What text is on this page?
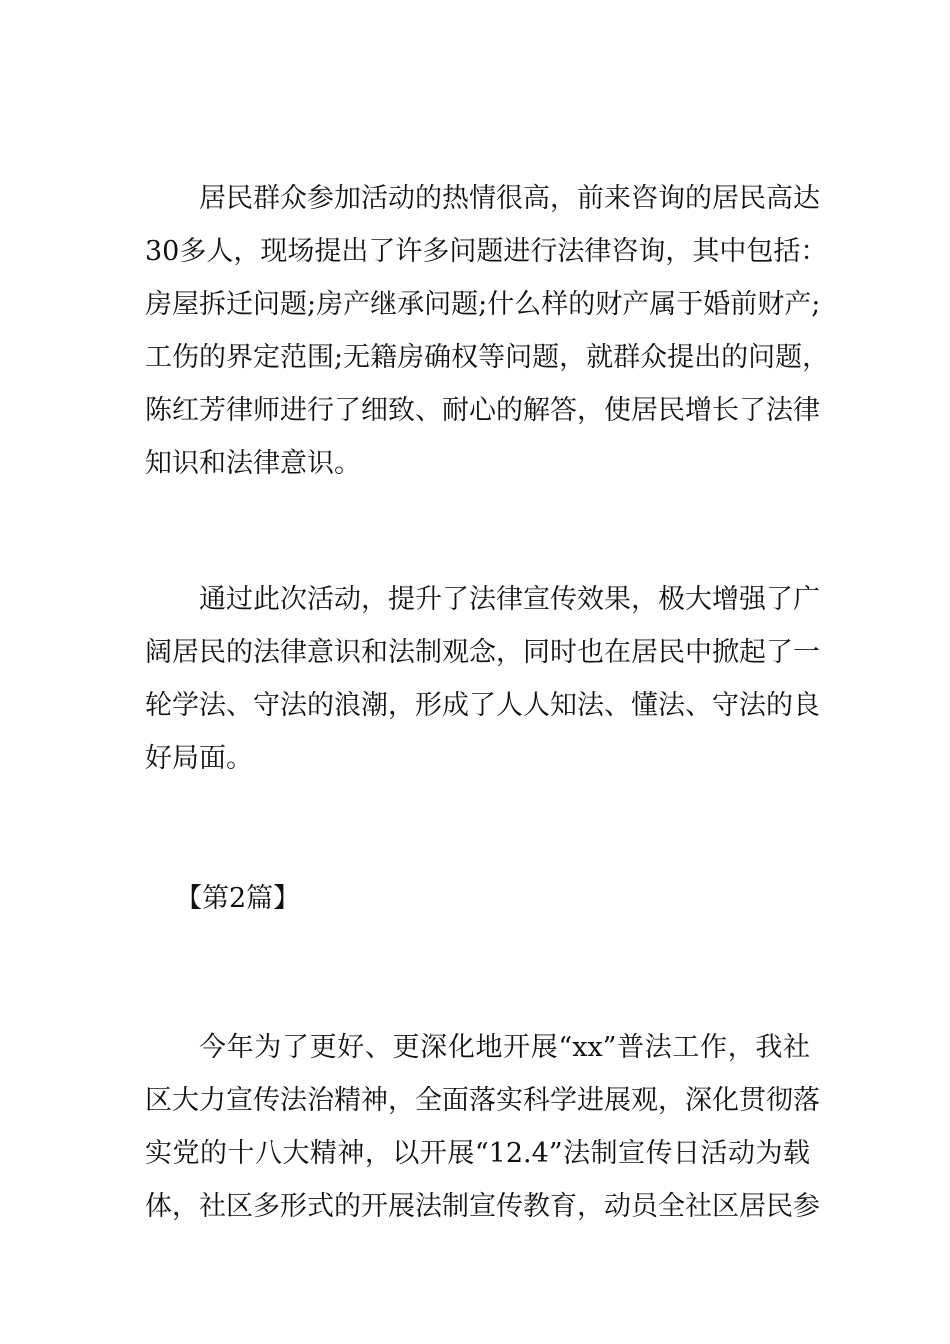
居民群众参加活动的热情很高，前来咨询的居民高达
30多人，现场提出了许多问题进行法律咨询，其中包括：
房屋拆迁问题;房产继承问题;什么样的财产属于婚前财产;
工伤的界定范围;无籍房确权等问题，就群众提出的问题，
陈红芳律师进行了细致、耐心的解答，使居民增长了法律
知识和法律意识。
通过此次活动，提升了法律宣传效果，极大增强了广
阔居民的法律意识和法制观念，同时也在居民中掀起了一
轮学法、守法的浪潮，形成了人人知法、懂法、守法的良
好局面。

【第2篇】

今年为了更好、更深化地开展“xx”普法工作，我社
区大力宣传法治精神，全面落实科学进展观，深化贯彻落
实党的十八大精神，以开展“12.4”法制宣传日活动为载
体，社区多形式的开展法制宣传教育，动员全社区居民参
